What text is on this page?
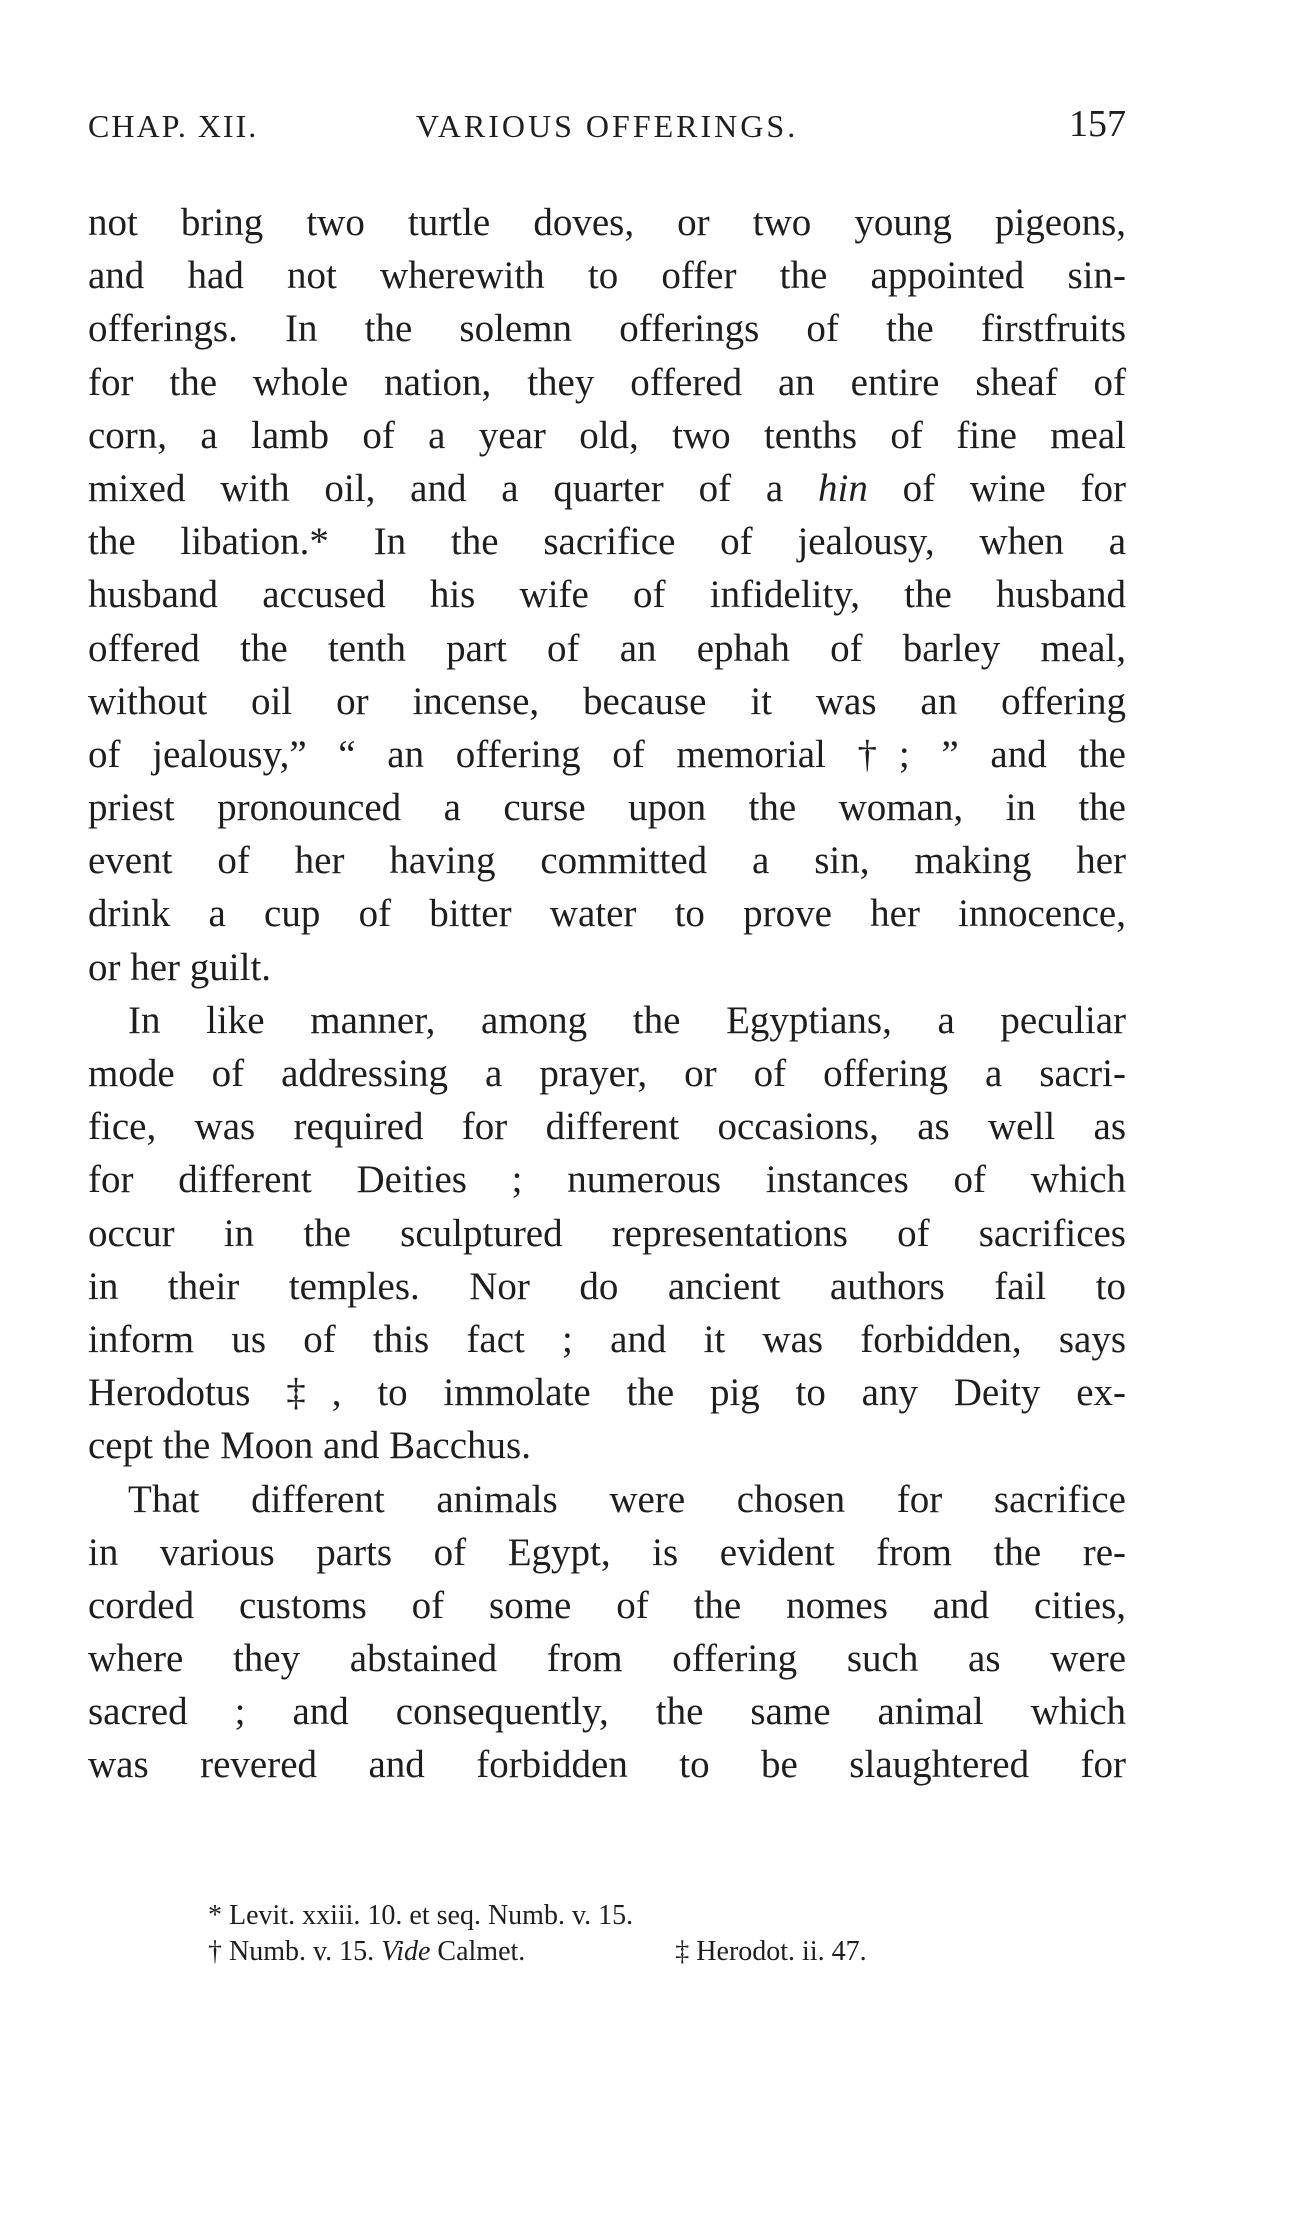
CHAP. XII.	VARIOUS OFFERINGS.	157
not bring two turtle doves, or two young pigeons,
and had not wherewith to offer the appointed sin-
offerings. In the solemn offerings of the firstfruits
for the whole nation, they offered an entire sheaf of
corn, a lamb of a year old, two tenths of fine meal
mixed with oil, and a quarter of a hin of wine for
the libation.* In the sacrifice of jealousy, when a
husband accused his wife of infidelity, the husband
offered the tenth part of an ephah of barley meal,
without oil or incense, because it was an offering
of jealousy,” “ an offering of memorial †; ” and the
priest pronounced a curse upon the woman, in the
event of her having committed a sin, making her
drink a cup of bitter water to prove her innocence,
or her guilt.
In like manner, among the Egyptians, a peculiar
mode of addressing a prayer, or of offering a sacri-
fice, was required for different occasions, as well as
for different Deities ; numerous instances of which
occur in the sculptured representations of sacrifices
in their temples. Nor do ancient authors fail to
inform us of this fact ; and it was forbidden, says
Herodotus ‡, to immolate the pig to any Deity ex-
cept the Moon and Bacchus.
That different animals were chosen for sacrifice
in various parts of Egypt, is evident from the re-
corded customs of some of the nomes and cities,
where they abstained from offering such as were
sacred ; and consequently, the same animal which
was revered and forbidden to be slaughtered for
* Levit. xxiii. 10. et seq. Numb. v. 15.
† Numb. v. 15. Vide Calmet.	‡ Herodot. ii. 47.
